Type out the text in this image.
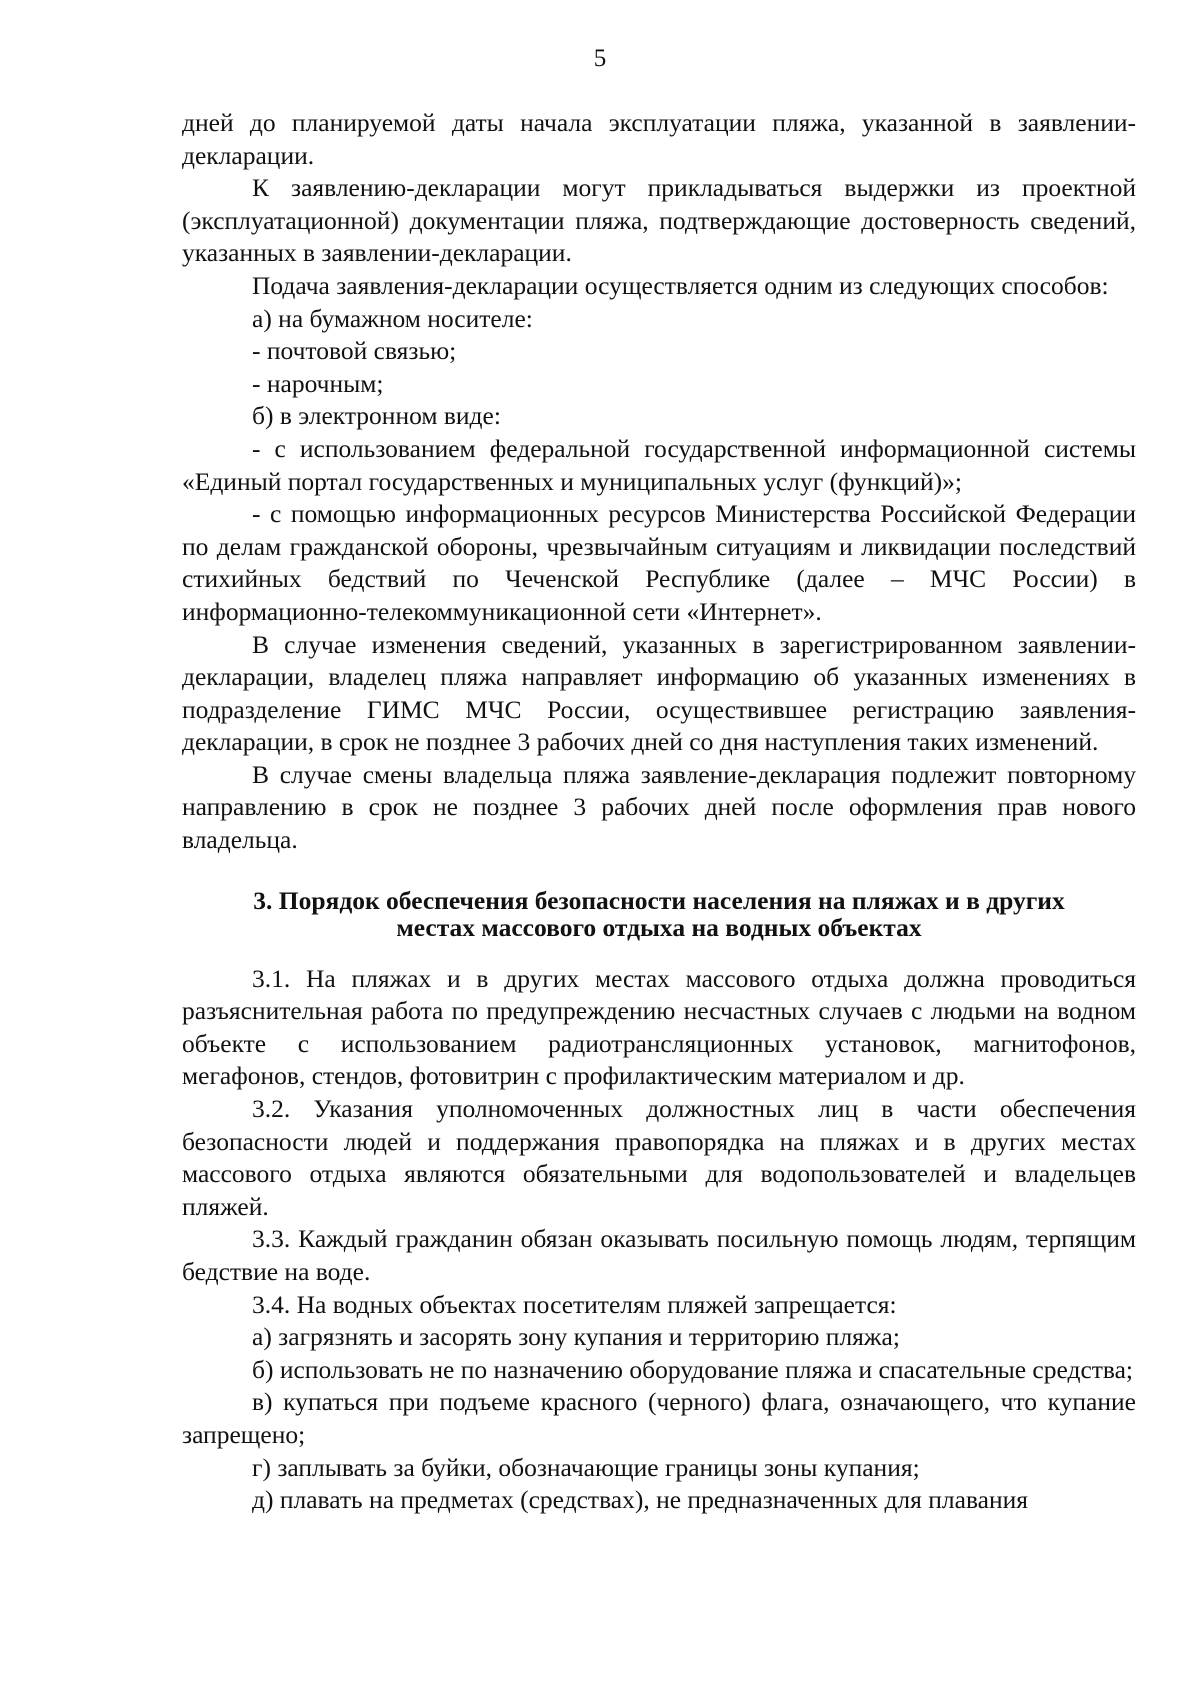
5

дней до планируемой даты начала эксплуатации пляжа, указанной в заявлении-декларации.

К заявлению-декларации могут прикладываться выдержки из проектной (эксплуатационной) документации пляжа, подтверждающие достоверность сведений, указанных в заявлении-декларации.

Подача заявления-декларации осуществляется одним из следующих способов:

а) на бумажном носителе:

- почтовой связью;

- нарочным;

б) в электронном виде:

- с использованием федеральной государственной информационной системы «Единый портал государственных и муниципальных услуг (функций)»;

- с помощью информационных ресурсов Министерства Российской Федерации по делам гражданской обороны, чрезвычайным ситуациям и ликвидации последствий стихийных бедствий по Чеченской Республике (далее – МЧС России) в информационно-телекоммуникационной сети «Интернет».

В случае изменения сведений, указанных в зарегистрированном заявлении-декларации, владелец пляжа направляет информацию об указанных изменениях в подразделение ГИМС МЧС России, осуществившее регистрацию заявления-декларации, в срок не позднее 3 рабочих дней со дня наступления таких изменений.

В случае смены владельца пляжа заявление-декларация подлежит повторному направлению в срок не позднее 3 рабочих дней после оформления прав нового владельца.

3. Порядок обеспечения безопасности населения на пляжах и в других
местах массового отдыха на водных объектах

3.1. На пляжах и в других местах массового отдыха должна проводиться разъяснительная работа по предупреждению несчастных случаев с людьми на водном объекте с использованием радиотрансляционных установок, магнитофонов, мегафонов, стендов, фотовитрин с профилактическим материалом и др.

3.2. Указания уполномоченных должностных лиц в части обеспечения безопасности людей и поддержания правопорядка на пляжах и в других местах массового отдыха являются обязательными для водопользователей и владельцев пляжей.

3.3. Каждый гражданин обязан оказывать посильную помощь людям, терпящим бедствие на воде.

3.4. На водных объектах посетителям пляжей запрещается:

а) загрязнять и засорять зону купания и территорию пляжа;

б) использовать не по назначению оборудование пляжа и спасательные средства;

в) купаться при подъеме красного (черного) флага, означающего, что купание запрещено;

г) заплывать за буйки, обозначающие границы зоны купания;

д) плавать на предметах (средствах), не предназначенных для плавания
